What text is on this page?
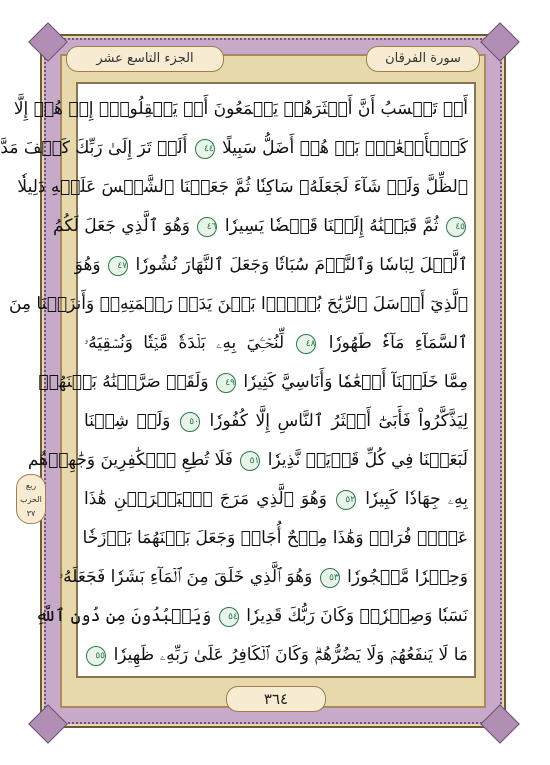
الجزء التاسع عشر	سورة الفرقان
أَمۡ تَحۡسَبُ أَنَّ أَكۡثَرَهُمۡ يَسۡمَعُونَ أَوۡ يَعۡقِلُونَۚ إِنۡ هُمۡ إِلَّا
كَٱلۡأَنۡعَٰمِۖ بَلۡ هُمۡ أَضَلُّ سَبِيلًا ٤٤ أَلَمۡ تَرَ إِلَىٰ رَبِّكَ كَيۡفَ مَدَّ
ٱلظِّلَّ وَلَوۡ شَآءَ لَجَعَلَهُۥ سَاكِنٗا ثُمَّ جَعَلۡنَا ٱلشَّمۡسَ عَلَيۡهِ دَلِيلٗا
٤٥ ثُمَّ قَبَضۡنَٰهُ إِلَيۡنَا قَبۡضٗا يَسِيرٗا ٤٦ وَهُوَ ٱلَّذِي جَعَلَ لَكُمُ
ٱلَّيۡلَ لِبَاسٗا وَٱلنَّوۡمَ سُبَاتٗا وَجَعَلَ ٱلنَّهَارَ نُشُورٗا ٤٧ وَهُوَ
ٱلَّذِيٓ أَرۡسَلَ ٱلرِّيَٰحَ بُشۡرَۢا بَيۡنَ يَدَيۡ رَحۡمَتِهِۦۚ وَأَنزَلۡنَا مِنَ
ٱلسَّمَآءِ مَآءٗ طَهُورٗا ٤٨ لِّنُحۡـِۧيَ بِهِۦ بَلۡدَةٗ مَّيۡتٗا وَنُسۡقِيَهُۥ
مِمَّا خَلَقۡنَآ أَنۡعَٰمٗا وَأَنَاسِيَّ كَثِيرٗا ٤٩ وَلَقَدۡ صَرَّفۡنَٰهُ بَيۡنَهُمۡ
لِيَذَّكَّرُواْ فَأَبَىٰٓ أَكۡثَرُ ٱلنَّاسِ إِلَّا كُفُورٗا ٥٠ وَلَوۡ شِئۡنَا
لَبَعَثۡنَا فِي كُلِّ قَرۡيَةٖ نَّذِيرٗا ٥١ فَلَا تُطِعِ ٱلۡكَٰفِرِينَ وَجَٰهِدۡهُم
بِهِۦ جِهَادٗا كَبِيرٗا ٥٢ وَهُوَ ٱلَّذِي مَرَجَ ٱلۡبَحۡرَيۡنِ هَٰذَا
عَذۡبٞ فُرَاتٞ وَهَٰذَا مِلۡحٌ أُجَاجٞ وَجَعَلَ بَيۡنَهُمَا بَرۡزَخٗا
وَحِجۡرٗا مَّحۡجُورٗا ٥٣ وَهُوَ ٱلَّذِي خَلَقَ مِنَ ٱلۡمَآءِ بَشَرٗا فَجَعَلَهُۥ
نَسَبٗا وَصِهۡرٗاۗ وَكَانَ رَبُّكَ قَدِيرٗا ٥٤ وَيَعۡبُدُونَ مِن دُونِ ٱللَّهِ
مَا لَا يَنفَعُهُمۡ وَلَا يَضُرُّهُمۡۗ وَكَانَ ٱلۡكَافِرُ عَلَىٰ رَبِّهِۦ ظَهِيرٗا ٥٥
ربع
الحزب
٣٧
٣٦٤
